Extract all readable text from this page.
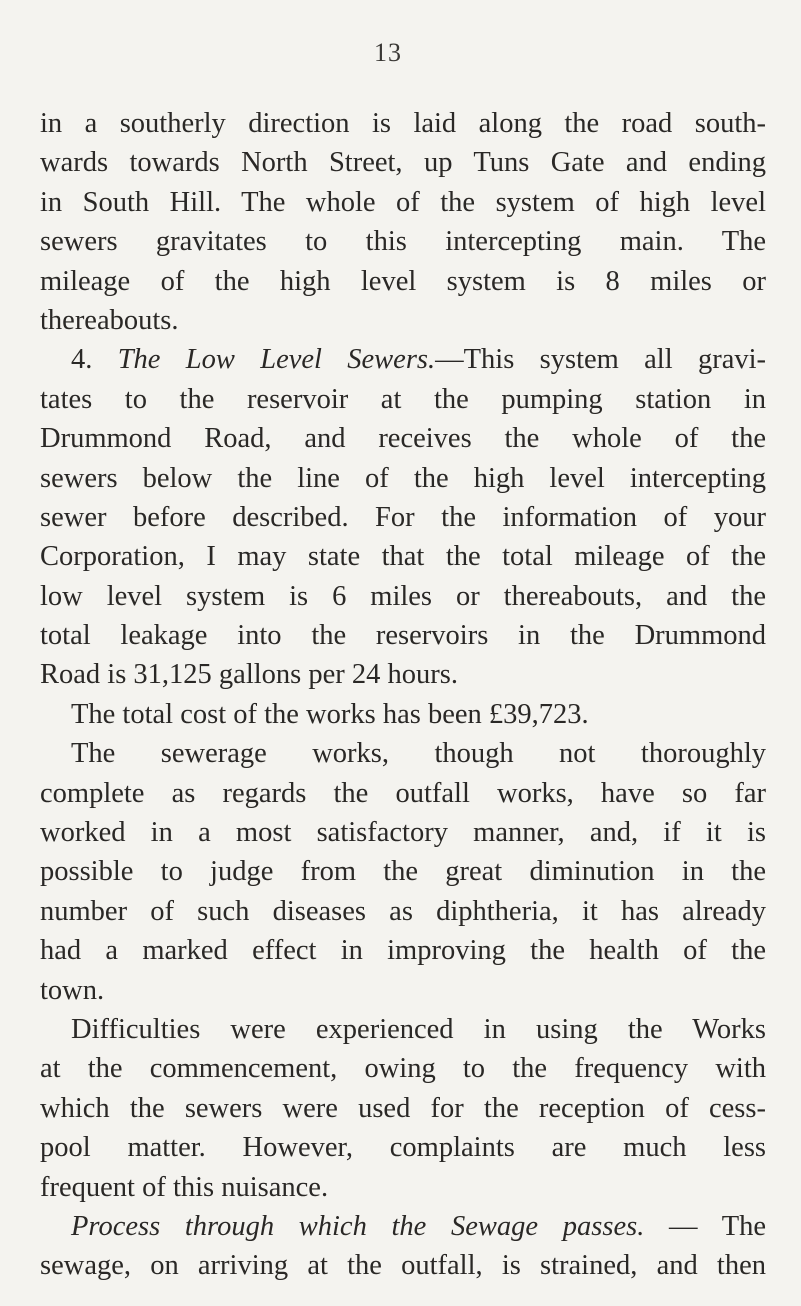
13
in a southerly direction is laid along the road south-
wards towards North Street, up Tuns Gate and ending
in South Hill. The whole of the system of high level
sewers gravitates to this intercepting main. The
mileage of the high level system is 8 miles or
thereabouts.
4. The Low Level Sewers.—This system all gravi-
tates to the reservoir at the pumping station in
Drummond Road, and receives the whole of the
sewers below the line of the high level intercepting
sewer before described. For the information of your
Corporation, I may state that the total mileage of the
low level system is 6 miles or thereabouts, and the
total leakage into the reservoirs in the Drummond
Road is 31,125 gallons per 24 hours.
The total cost of the works has been £39,723.
The sewerage works, though not thoroughly
complete as regards the outfall works, have so far
worked in a most satisfactory manner, and, if it is
possible to judge from the great diminution in the
number of such diseases as diphtheria, it has already
had a marked effect in improving the health of the
town.
Difficulties were experienced in using the Works
at the commencement, owing to the frequency with
which the sewers were used for the reception of cess-
pool matter. However, complaints are much less
frequent of this nuisance.
Process through which the Sewage passes. — The
sewage, on arriving at the outfall, is strained, and then
